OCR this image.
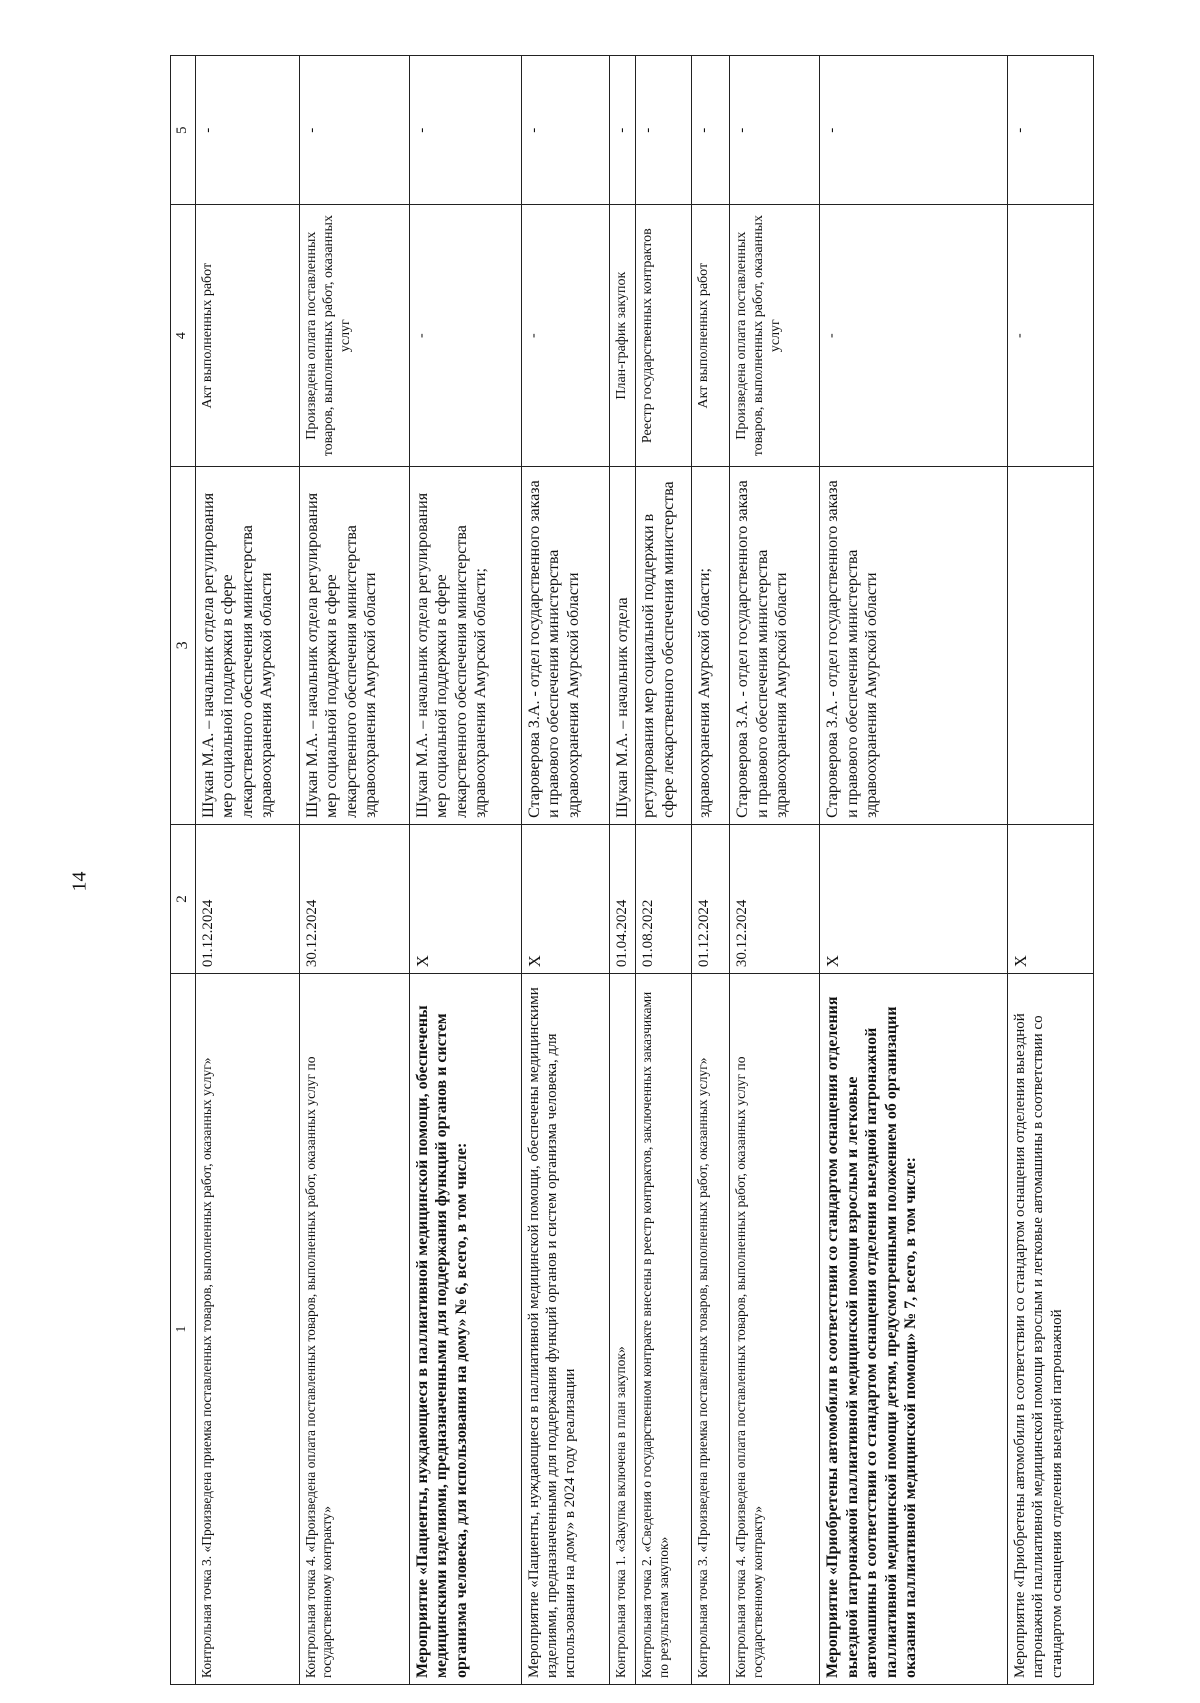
14
1	2	3	4	5
Контрольная точка 3. «Произведена приемка поставленных товаров, выполненных работ, оказанных услуг»	01.12.2024	Шукан М.А. – начальник отдела регулирования мер социальной поддержки в сфере лекарственного обеспечения министерства здравоохранения Амурской области	Акт выполненных работ	-
Контрольная точка 4. «Произведена оплата поставленных товаров, выполненных работ, оказанных услуг по государственному контракту»	30.12.2024	Шукан М.А. – начальник отдела регулирования мер социальной поддержки в сфере лекарственного обеспечения министерства здравоохранения Амурской области	Произведена оплата поставленных товаров, выполненных работ, оказанных услуг	-
Мероприятие «Пациенты, нуждающиеся в паллиативной медицинской помощи, обеспечены медицинскими изделиями, предназначенными для поддержания функций органов и систем организма человека, для использования на дому» № 6, всего, в том числе:	X	Шукан М.А. – начальник отдела регулирования мер социальной поддержки в сфере лекарственного обеспечения министерства здравоохранения Амурской области;	-	-
Мероприятие «Пациенты, нуждающиеся в паллиативной медицинской помощи, обеспечены медицинскими изделиями, предназначенными для поддержания функций органов и систем организма человека, для использования на дому» в 2024 году реализации	X	Староверова З.А. - отдел государственного заказа и правового обеспечения министерства здравоохранения Амурской области	-	-
Контрольная точка 1. «Закупка включена в план закупок»	01.04.2024	Шукан М.А. – начальник отдела	План-график закупок	-
Контрольная точка 2. «Сведения о государственном контракте внесены в реестр контрактов, заключенных заказчиками по результатам закупок»	01.08.2022	регулирования мер социальной поддержки в сфере лекарственного обеспечения министерства	Реестр государственных контрактов	-
Контрольная точка 3. «Произведена приемка поставленных товаров, выполненных работ, оказанных услуг»	01.12.2024	здравоохранения Амурской области;	Акт выполненных работ	-
Контрольная точка 4. «Произведена оплата поставленных товаров, выполненных работ, оказанных услуг по государственному контракту»	30.12.2024	Староверова З.А. - отдел государственного заказа и правового обеспечения министерства здравоохранения Амурской области	Произведена оплата поставленных товаров, выполненных работ, оказанных услуг	-
Мероприятие «Приобретены автомобили в соответствии со стандартом оснащения отделения выездной патронажной паллиативной медицинской помощи взрослым и легковые автомашины в соответствии со стандартом оснащения отделения выездной патронажной паллиативной медицинской помощи детям, предусмотренными положением об организации оказания паллиативной медицинской помощи» № 7, всего, в том числе:	X	Староверова З.А. - отдел государственного заказа и правового обеспечения министерства здравоохранения Амурской области	-	-
Мероприятие «Приобретены автомобили в соответствии со стандартом оснащения отделения выездной патронажной паллиативной медицинской помощи взрослым и легковые автомашины в соответствии со стандартом оснащения отделения выездной патронажной	X		-	-
